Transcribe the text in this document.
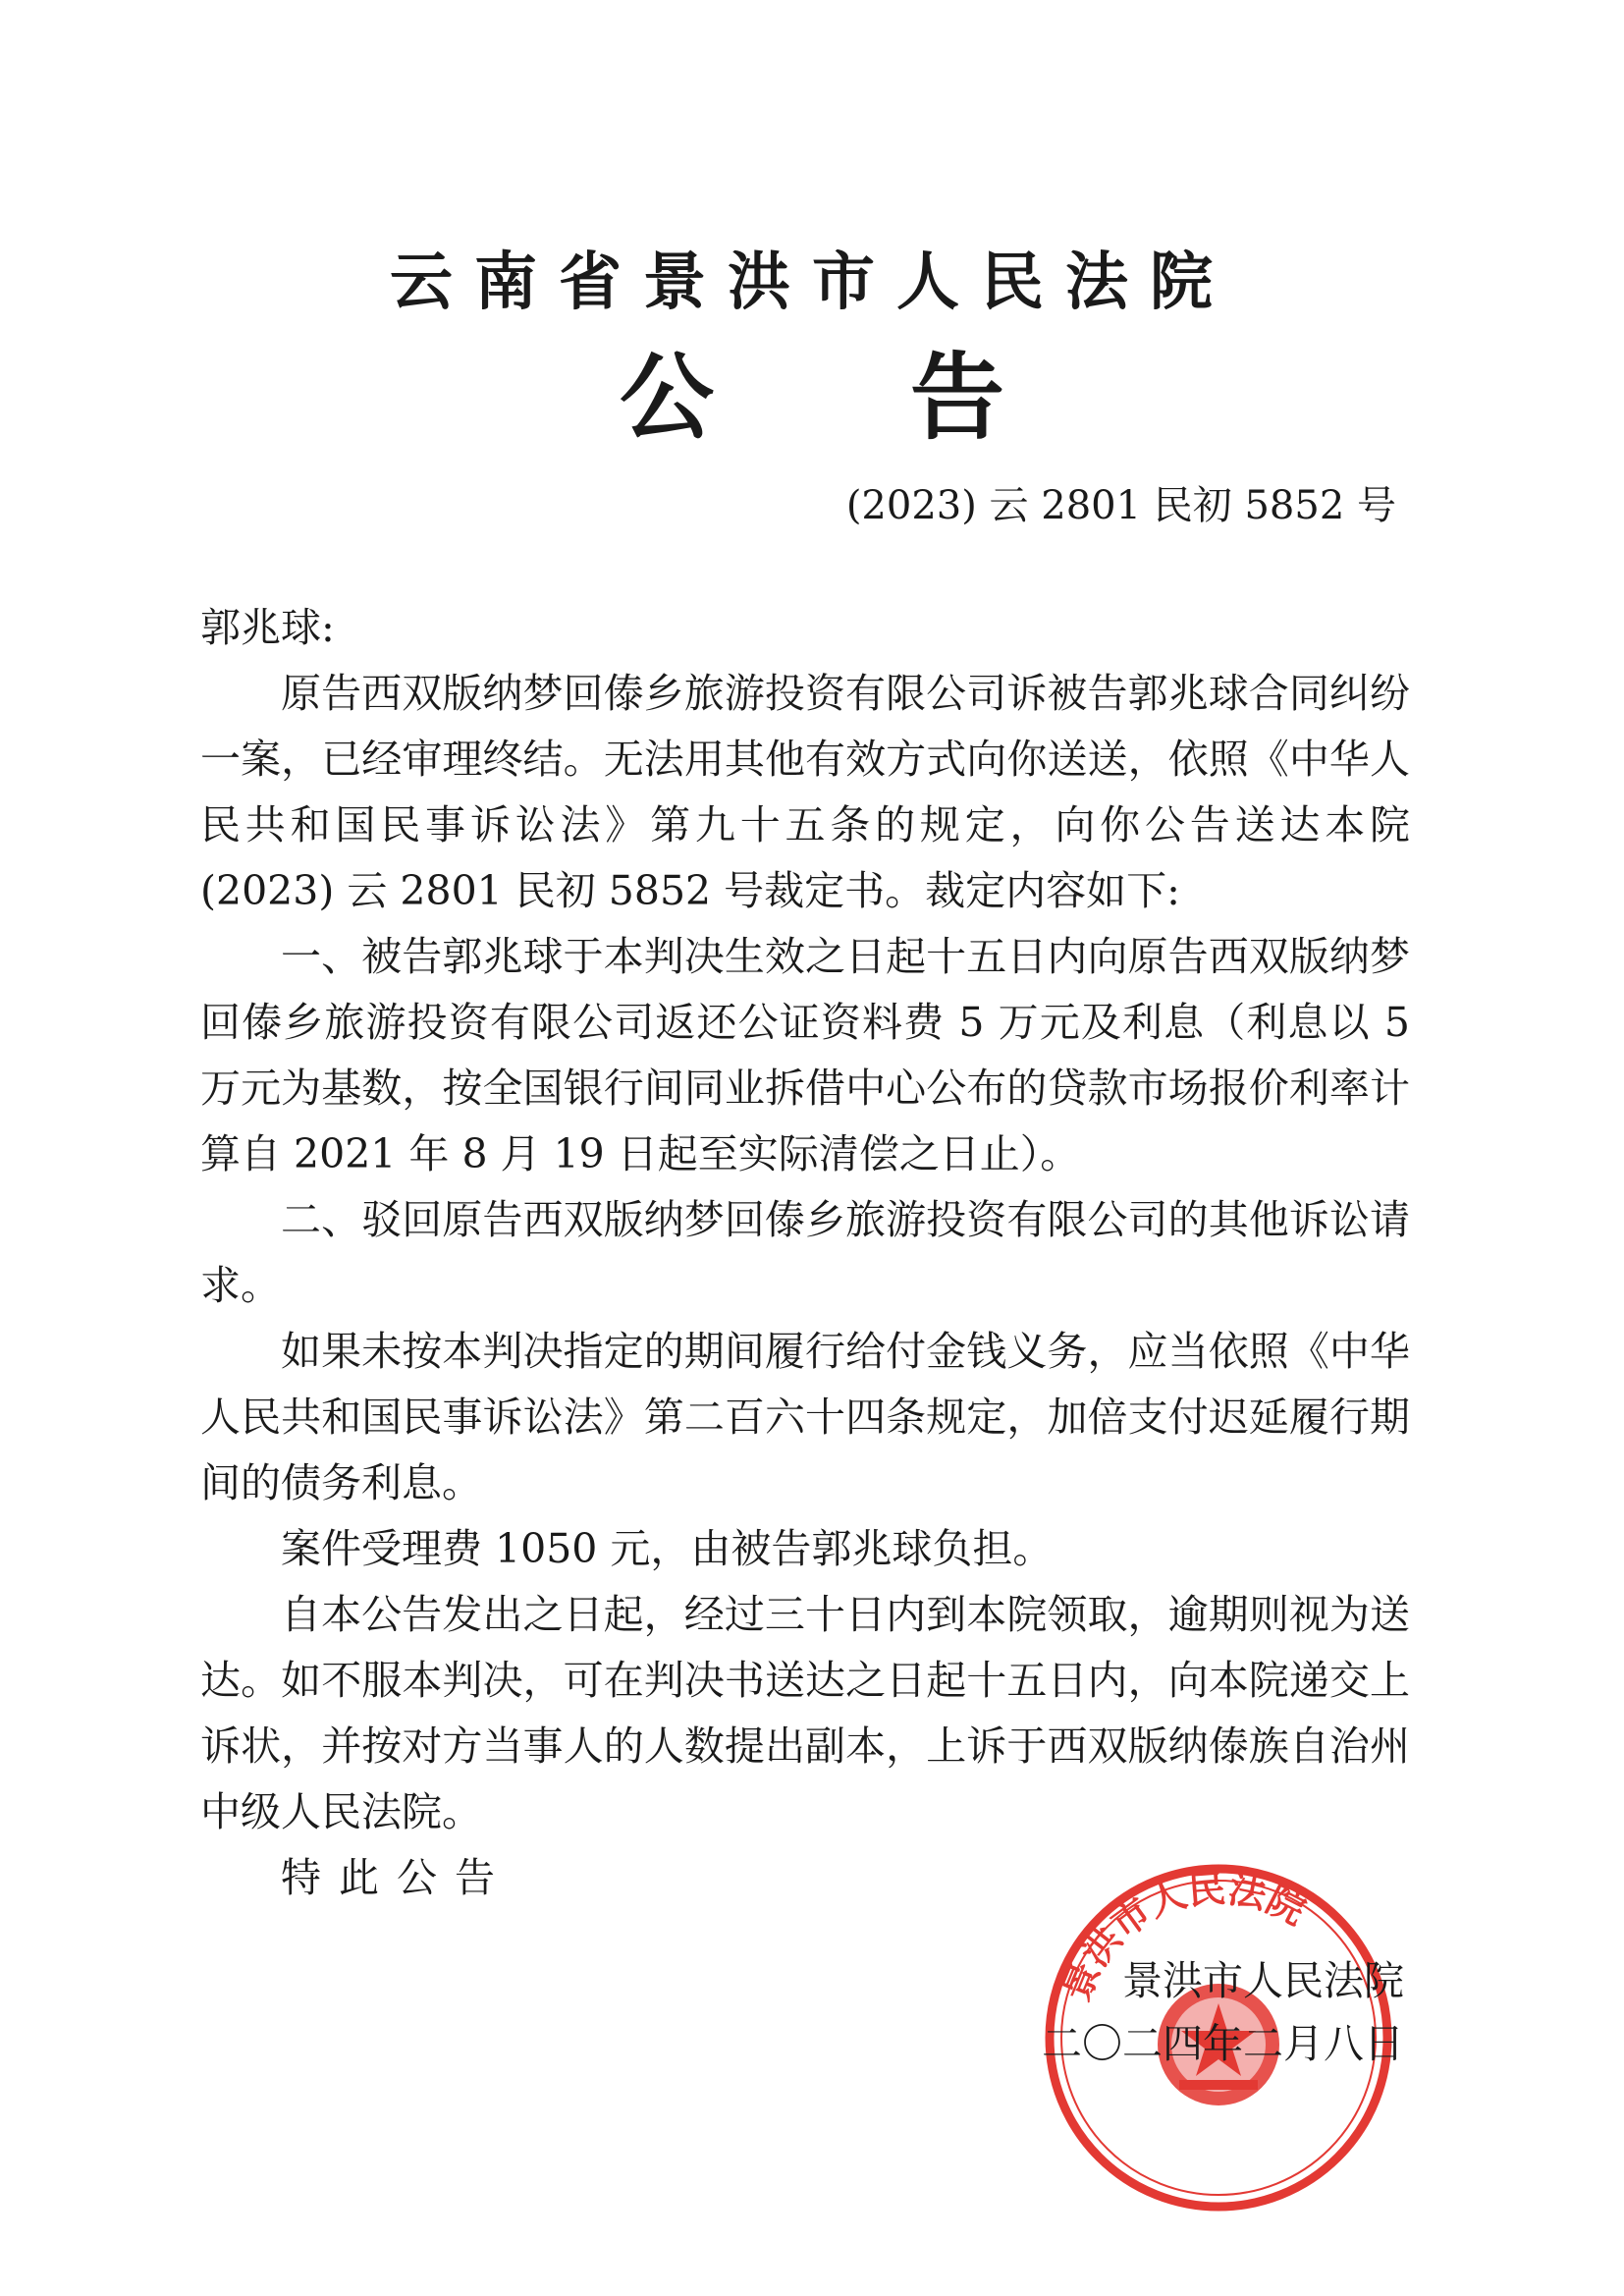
云南省景洪市人民法院
公 告
(2023) 云 2801 民初 5852 号

郭兆球:

原告西双版纳梦回傣乡旅游投资有限公司诉被告郭兆球合同纠纷一案，已经审理终结。无法用其他有效方式向你送送，依照《中华人民共和国民事诉讼法》第九十五条的规定，向你公告送达本院(2023) 云 2801 民初 5852 号裁定书。裁定内容如下:

一、被告郭兆球于本判决生效之日起十五日内向原告西双版纳梦回傣乡旅游投资有限公司返还公证资料费 5 万元及利息（利息以 5 万元为基数，按全国银行间同业拆借中心公布的贷款市场报价利率计算自 2021 年 8 月 19 日起至实际清偿之日止）。

二、驳回原告西双版纳梦回傣乡旅游投资有限公司的其他诉讼请求。

如果未按本判决指定的期间履行给付金钱义务，应当依照《中华人民共和国民事诉讼法》第二百六十四条规定，加倍支付迟延履行期间的债务利息。

案件受理费 1050 元，由被告郭兆球负担。

自本公告发出之日起，经过三十日内到本院领取，逾期则视为送达。如不服本判决，可在判决书送达之日起十五日内，向本院递交上诉状，并按对方当事人的人数提出副本，上诉于西双版纳傣族自治州中级人民法院。

特此公告

景洪市人民法院
景洪市人民法院
二〇二四年二月八日
